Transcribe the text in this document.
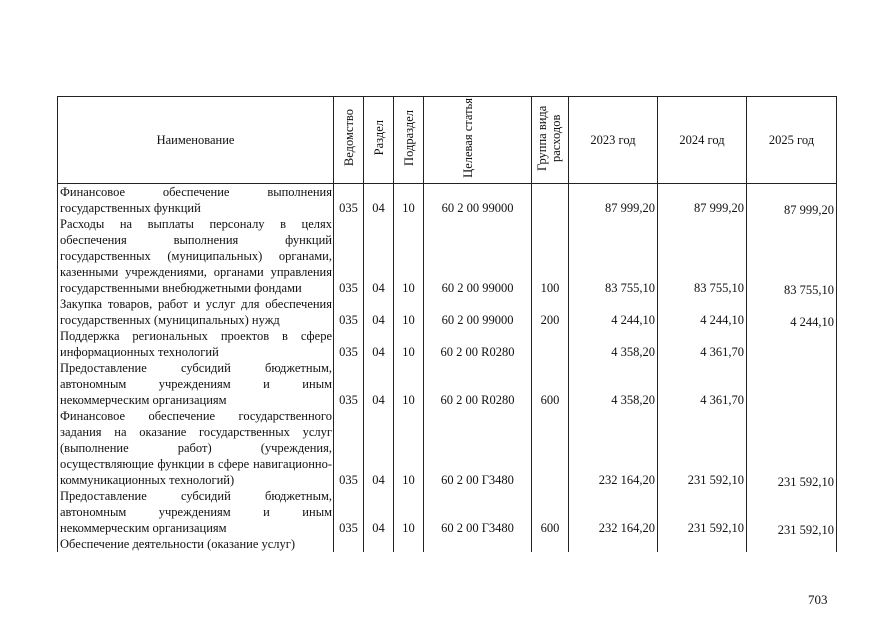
Наименование	Ведомство	Раздел	Подраздел	Целевая статья	Группа вида расходов	2023 год	2024 год	2025 год
Финансовое обеспечение выполнения государственных функций	035	04	10	60 2 00 99000		87 999,20	87 999,20	87 999,20
Расходы на выплаты персоналу в целях обеспечения выполнения функций государственных (муниципальных) органами, казенными учреждениями, органами управления государственными внебюджетными фондами	035	04	10	60 2 00 99000	100	83 755,10	83 755,10	83 755,10
Закупка товаров, работ и услуг для обеспечения государственных (муниципальных) нужд	035	04	10	60 2 00 99000	200	4 244,10	4 244,10	4 244,10
Поддержка региональных проектов в сфере информационных технологий	035	04	10	60 2 00 R0280		4 358,20	4 361,70	
Предоставление субсидий бюджетным, автономным учреждениям и иным некоммерческим организациям	035	04	10	60 2 00 R0280	600	4 358,20	4 361,70	
Финансовое обеспечение государственного задания на оказание государственных услуг (выполнение работ) (учреждения, осуществляющие функции в сфере навигационно-коммуникационных технологий)	035	04	10	60 2 00 Г3480		232 164,20	231 592,10	231 592,10
Предоставление субсидий бюджетным, автономным учреждениям и иным некоммерческим организациям	035	04	10	60 2 00 Г3480	600	232 164,20	231 592,10	231 592,10
Обеспечение деятельности (оказание услуг)								
703
